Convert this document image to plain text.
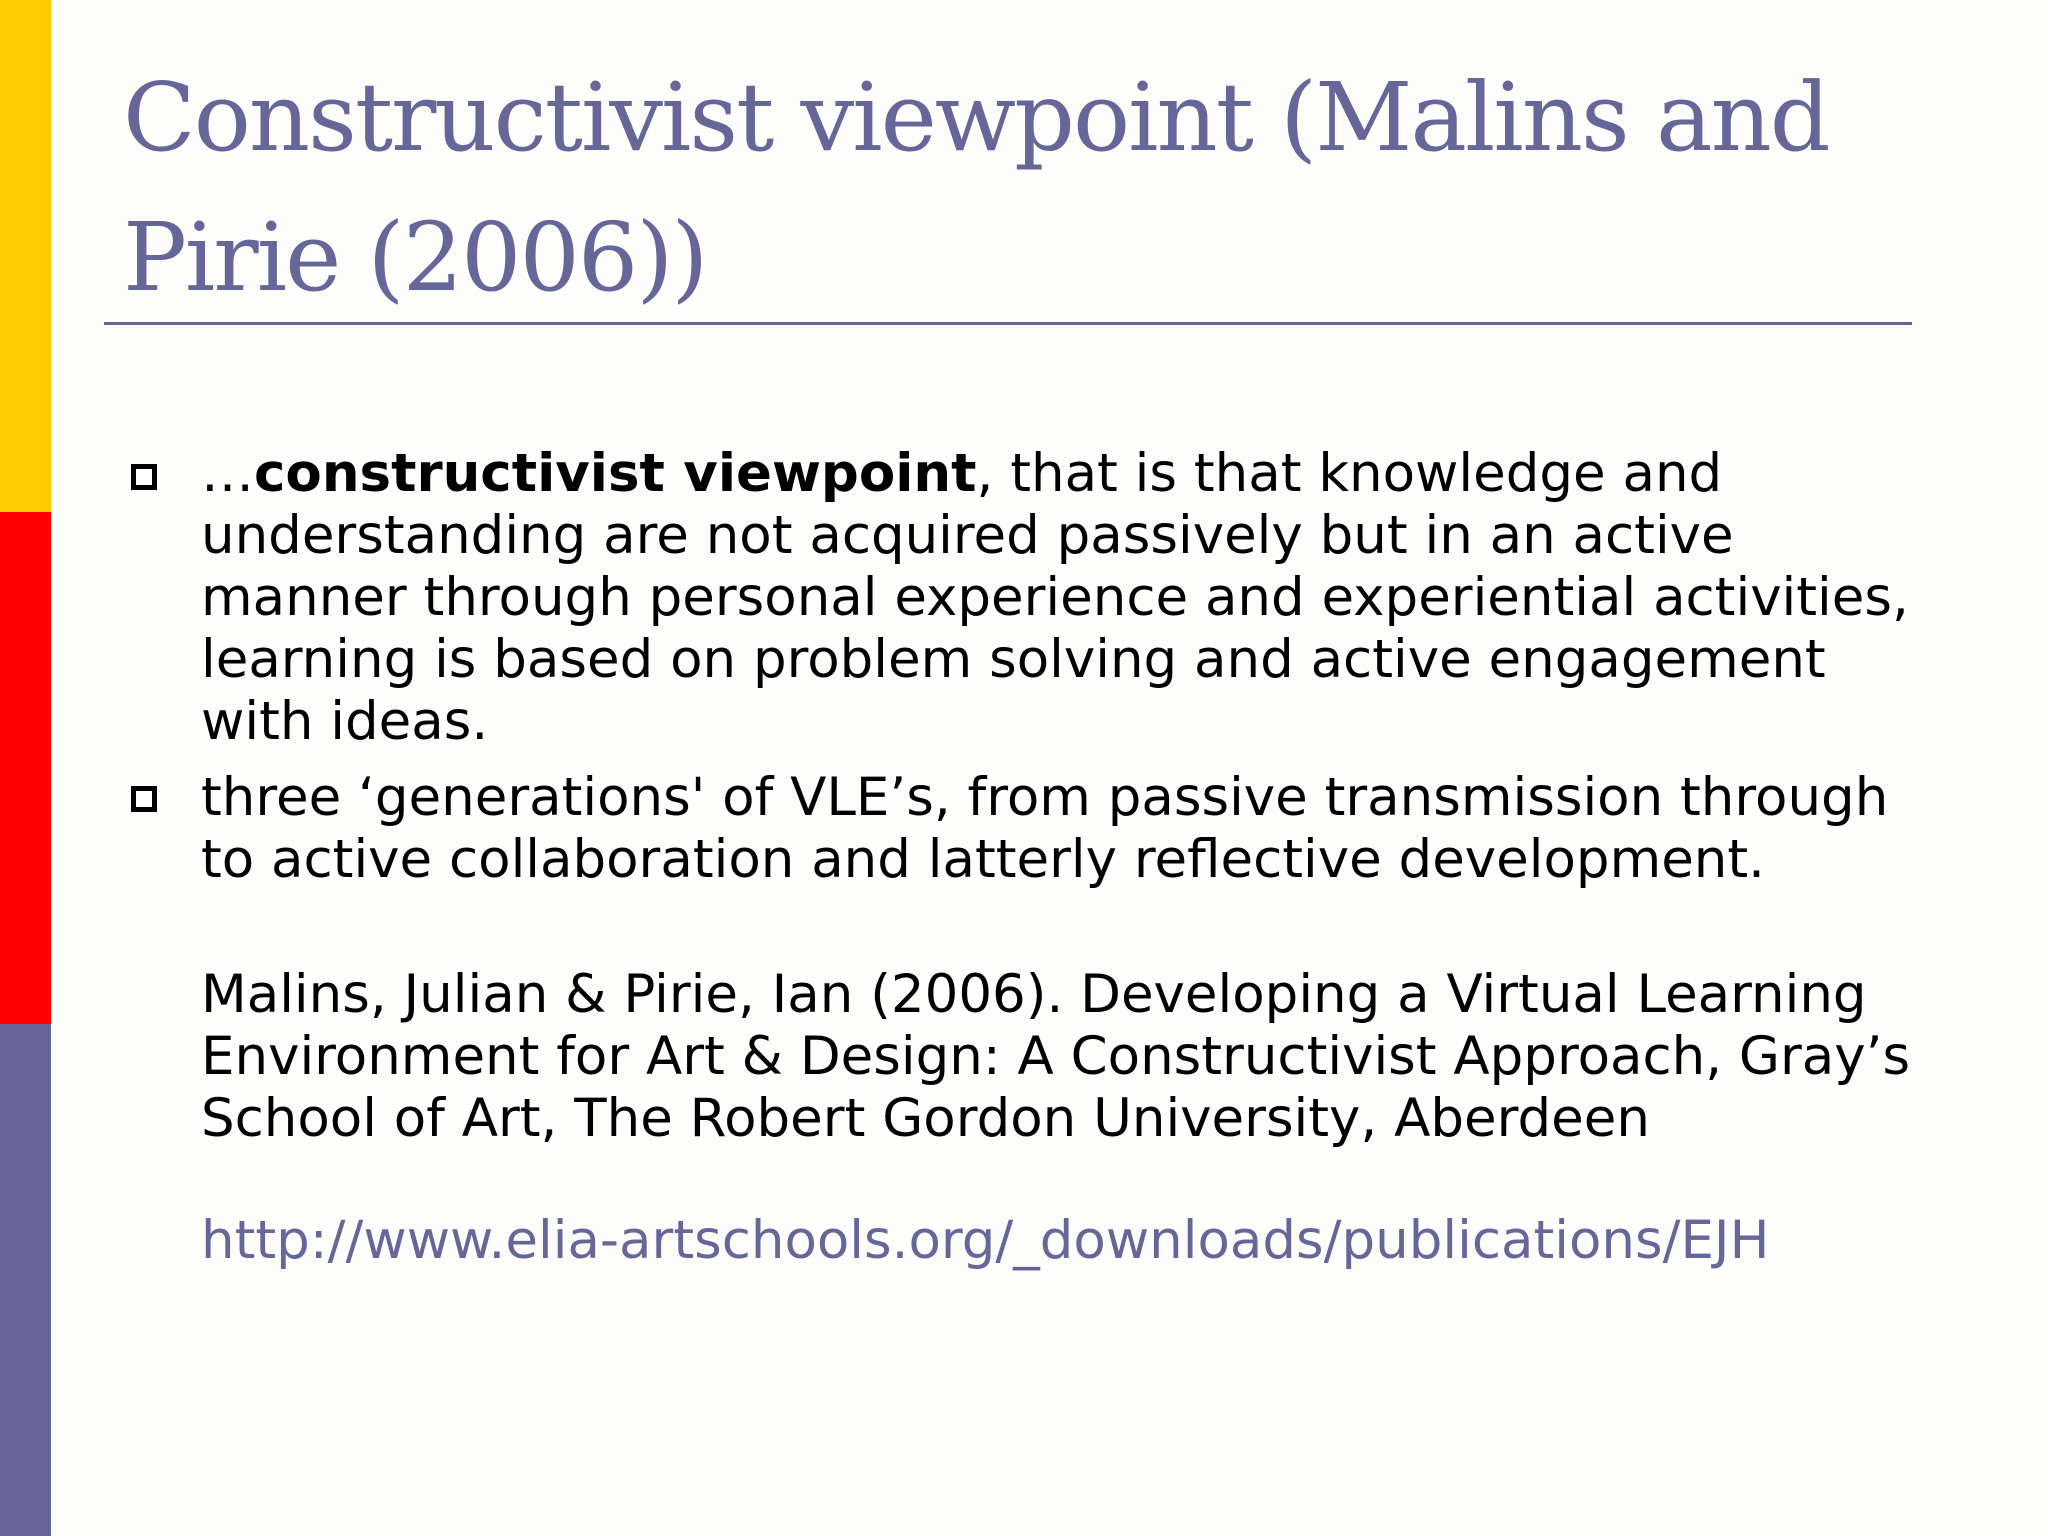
Constructivist viewpoint (Malins and Pirie (2006))
…constructivist viewpoint, that is that knowledge and understanding are not acquired passively but in an active manner through personal experience and experiential activities, learning is based on problem solving and active engagement with ideas.
three ‘generations' of VLE’s, from passive transmission through to active collaboration and latterly reflective development.
Malins, Julian & Pirie, Ian (2006). Developing a Virtual Learning Environment for Art & Design: A Constructivist Approach, Gray’s School of Art, The Robert Gordon University, Aberdeen
http://www.elia-artschools.org/_downloads/publications/EJH
